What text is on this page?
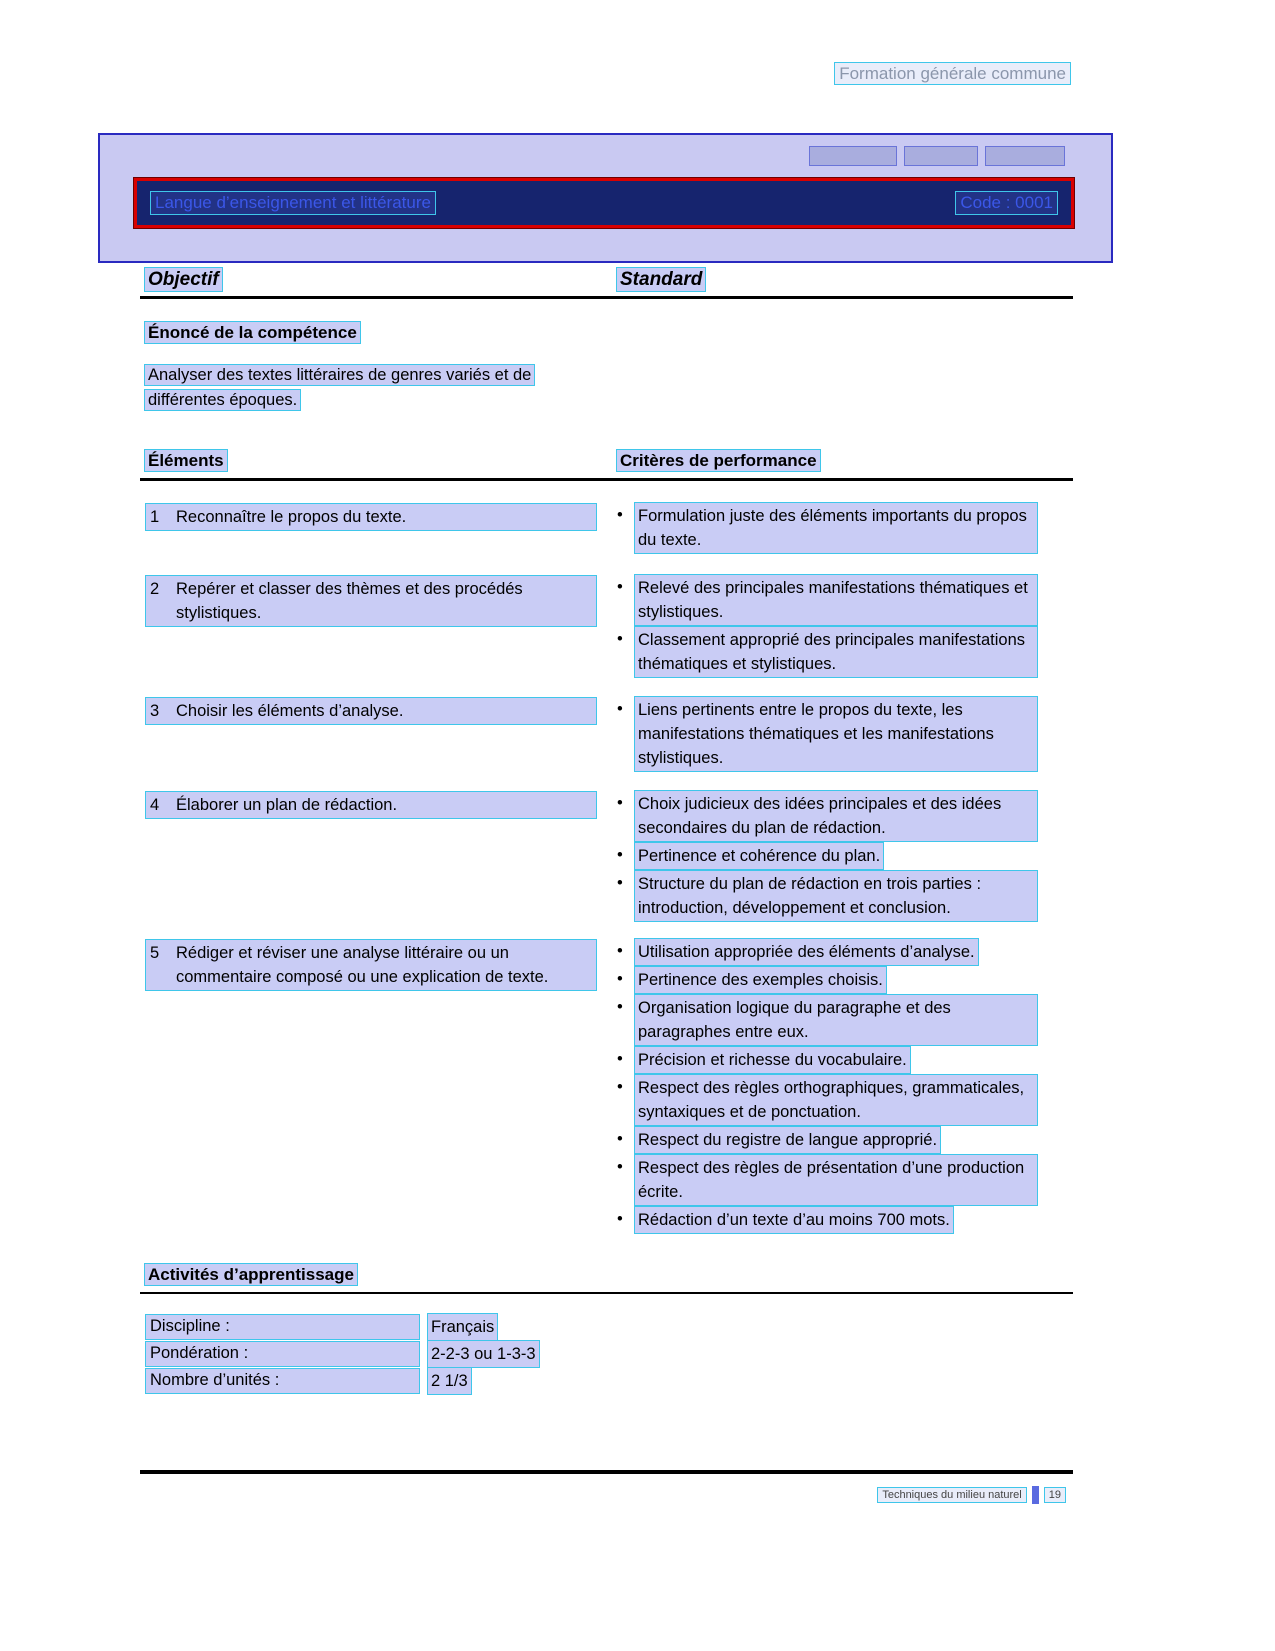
Formation générale commune
Langue d’enseignement et littérature	Code : 0001
Objectif	Standard
Énoncé de la compétence
Analyser des textes littéraires de genres variés et de différentes époques.
Éléments	Critères de performance
1	Reconnaître le propos du texte.	• Formulation juste des éléments importants du propos du texte.
2	Repérer et classer des thèmes et des procédés stylistiques.
• Relevé des principales manifestations thématiques et stylistiques.
• Classement approprié des principales manifestations thématiques et stylistiques.
3	Choisir les éléments d’analyse.	• Liens pertinents entre le propos du texte, les manifestations thématiques et les manifestations stylistiques.
4	Élaborer un plan de rédaction.	• Choix judicieux des idées principales et des idées secondaires du plan de rédaction.
• Pertinence et cohérence du plan.
• Structure du plan de rédaction en trois parties : introduction, développement et conclusion.
5	Rédiger et réviser une analyse littéraire ou un commentaire composé ou une explication de texte.
• Utilisation appropriée des éléments d’analyse.
• Pertinence des exemples choisis.
• Organisation logique du paragraphe et des paragraphes entre eux.
• Précision et richesse du vocabulaire.
• Respect des règles orthographiques, grammaticales, syntaxiques et de ponctuation.
• Respect du registre de langue approprié.
• Respect des règles de présentation d’une production écrite.
• Rédaction d’un texte d’au moins 700 mots.
Activités d’apprentissage
Discipline :	Français
Pondération :	2-2-3 ou 1-3-3
Nombre d’unités :	2 1/3
Techniques du milieu naturel	19
